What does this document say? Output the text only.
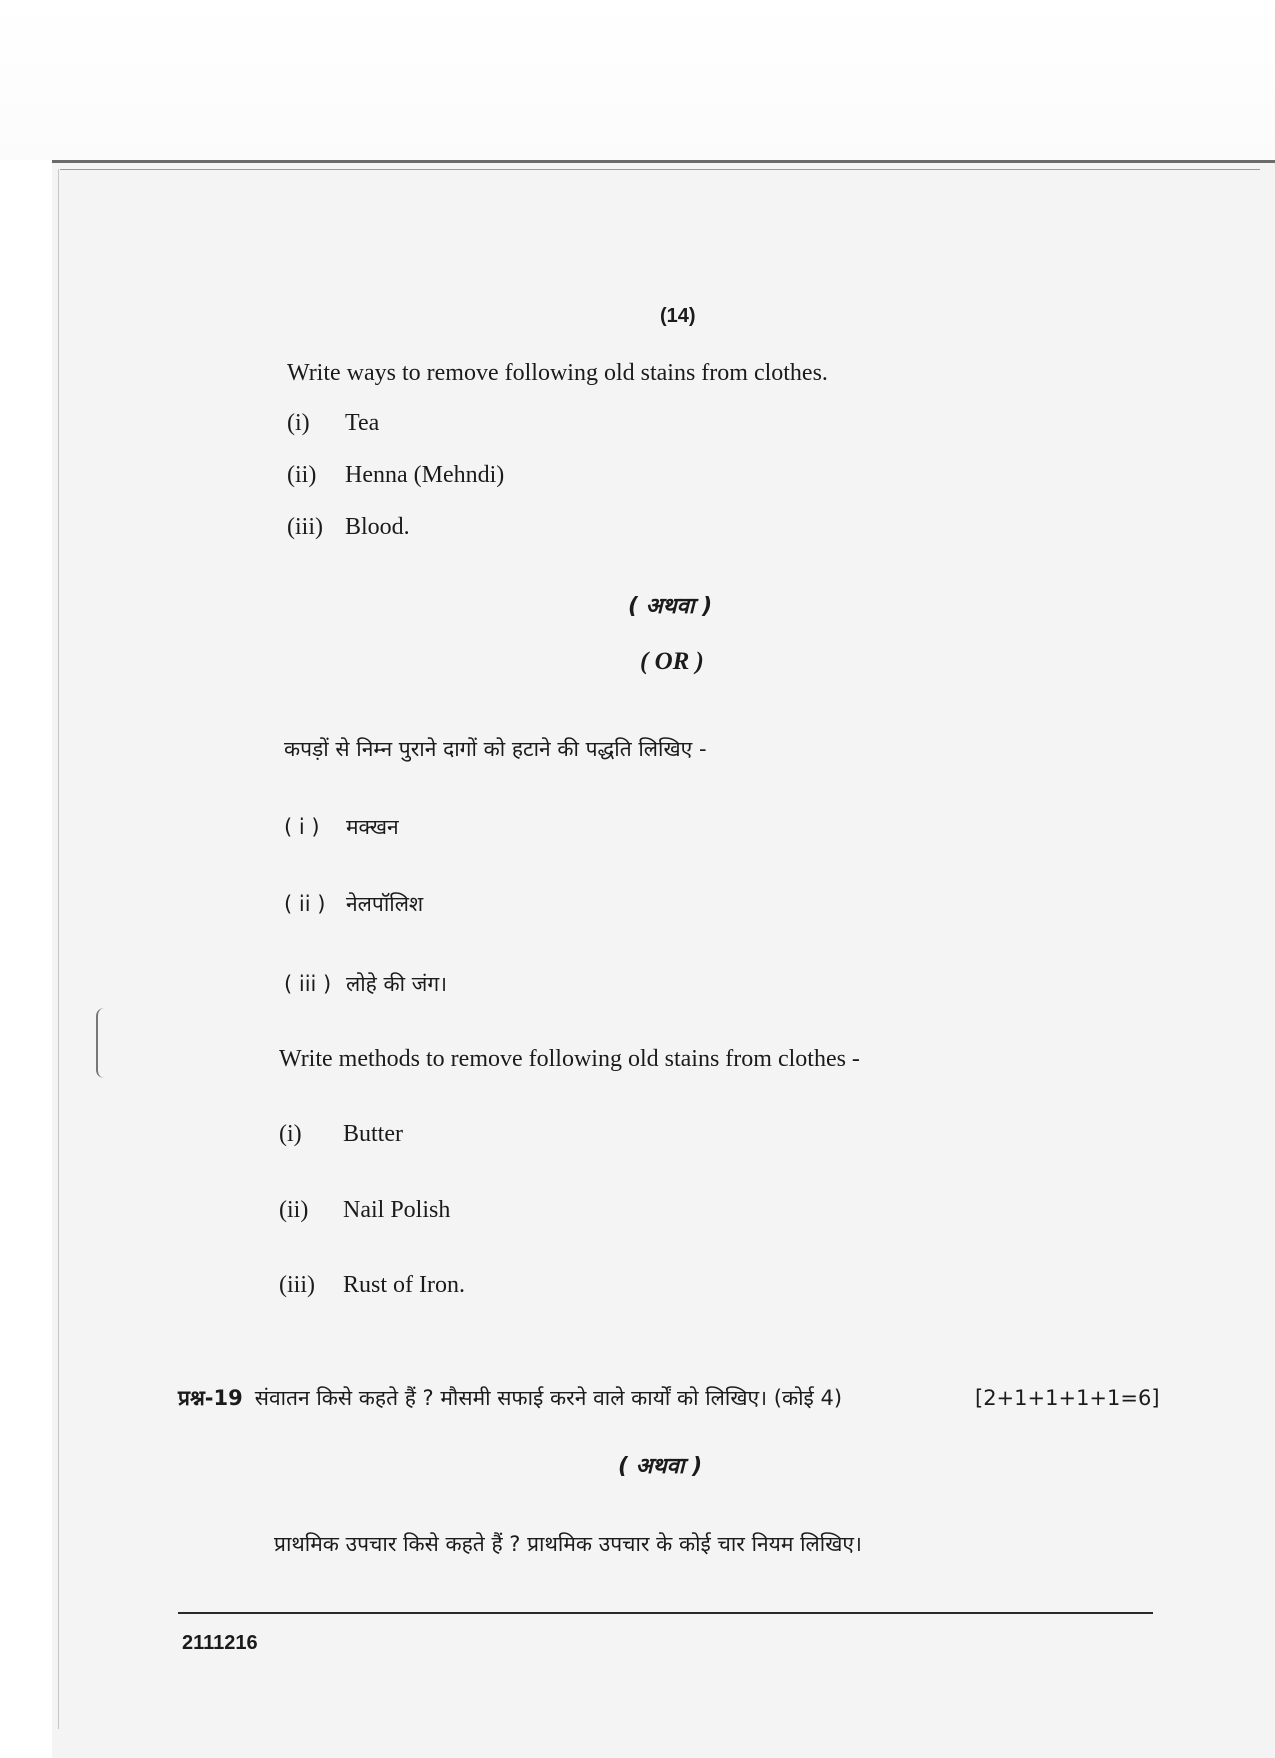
(14)
Write ways to remove following old stains from clothes.
(i) Tea
(ii) Henna (Mehndi)
(iii) Blood.
( अथवा )
( OR )
कपड़ों से निम्न पुराने दागों को हटाने की पद्धति लिखिए -
( i ) मक्खन
( ii ) नेलपॉलिश
( iii ) लोहे की जंग।
Write methods to remove following old stains from clothes -
(i) Butter
(ii) Nail Polish
(iii) Rust of Iron.
प्रश्न-19 संवातन किसे कहते हैं ? मौसमी सफाई करने वाले कार्यों को लिखिए। (कोई 4)	[2+1+1+1+1=6]
( अथवा )
प्राथमिक उपचार किसे कहते हैं ? प्राथमिक उपचार के कोई चार नियम लिखिए।
2111216
